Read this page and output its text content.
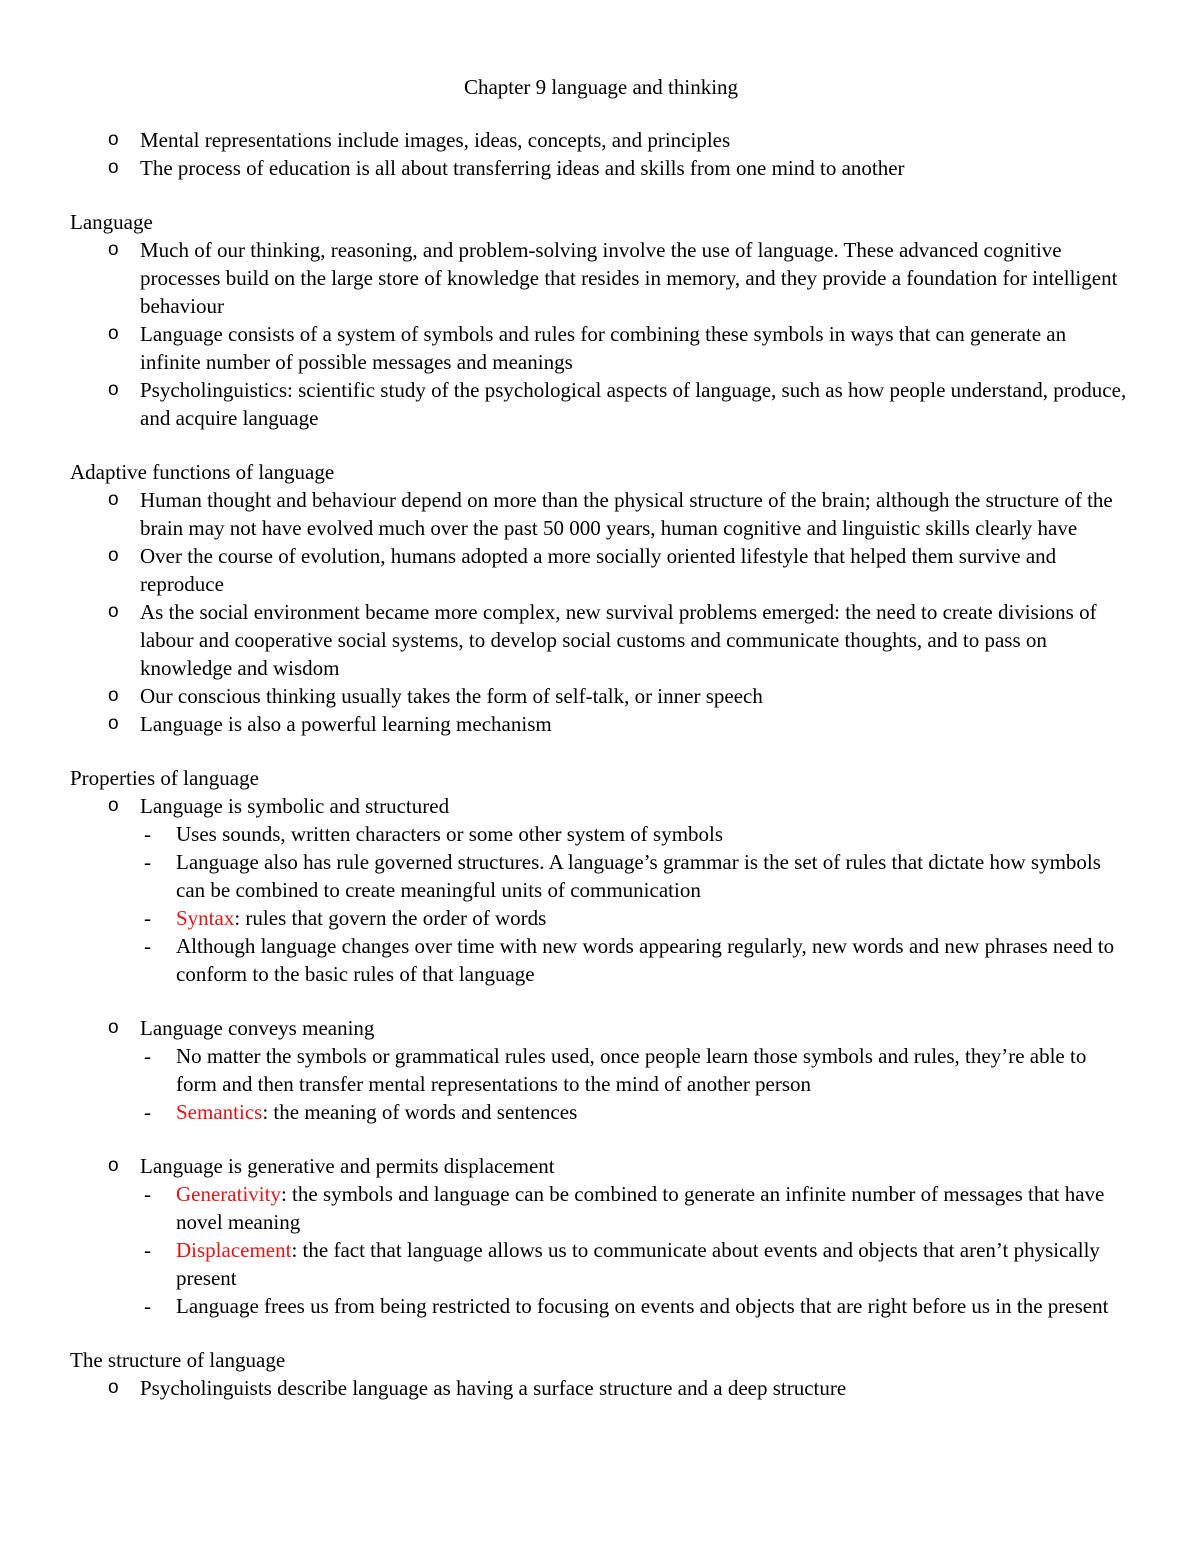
Chapter 9 language and thinking
o Mental representations include images, ideas, concepts, and principles
o The process of education is all about transferring ideas and skills from one mind to another
Language
o Much of our thinking, reasoning, and problem-solving involve the use of language. These advanced cognitive processes build on the large store of knowledge that resides in memory, and they provide a foundation for intelligent behaviour
o Language consists of a system of symbols and rules for combining these symbols in ways that can generate an infinite number of possible messages and meanings
o Psycholinguistics: scientific study of the psychological aspects of language, such as how people understand, produce, and acquire language
Adaptive functions of language
o Human thought and behaviour depend on more than the physical structure of the brain; although the structure of the brain may not have evolved much over the past 50 000 years, human cognitive and linguistic skills clearly have
o Over the course of evolution, humans adopted a more socially oriented lifestyle that helped them survive and reproduce
o As the social environment became more complex, new survival problems emerged: the need to create divisions of labour and cooperative social systems, to develop social customs and communicate thoughts, and to pass on knowledge and wisdom
o Our conscious thinking usually takes the form of self-talk, or inner speech
o Language is also a powerful learning mechanism
Properties of language
o Language is symbolic and structured
- Uses sounds, written characters or some other system of symbols
- Language also has rule governed structures. A language’s grammar is the set of rules that dictate how symbols can be combined to create meaningful units of communication
- Syntax: rules that govern the order of words
- Although language changes over time with new words appearing regularly, new words and new phrases need to conform to the basic rules of that language
o Language conveys meaning
- No matter the symbols or grammatical rules used, once people learn those symbols and rules, they’re able to form and then transfer mental representations to the mind of another person
- Semantics: the meaning of words and sentences
o Language is generative and permits displacement
- Generativity: the symbols and language can be combined to generate an infinite number of messages that have novel meaning
- Displacement: the fact that language allows us to communicate about events and objects that aren’t physically present
- Language frees us from being restricted to focusing on events and objects that are right before us in the present
The structure of language
o Psycholinguists describe language as having a surface structure and a deep structure
